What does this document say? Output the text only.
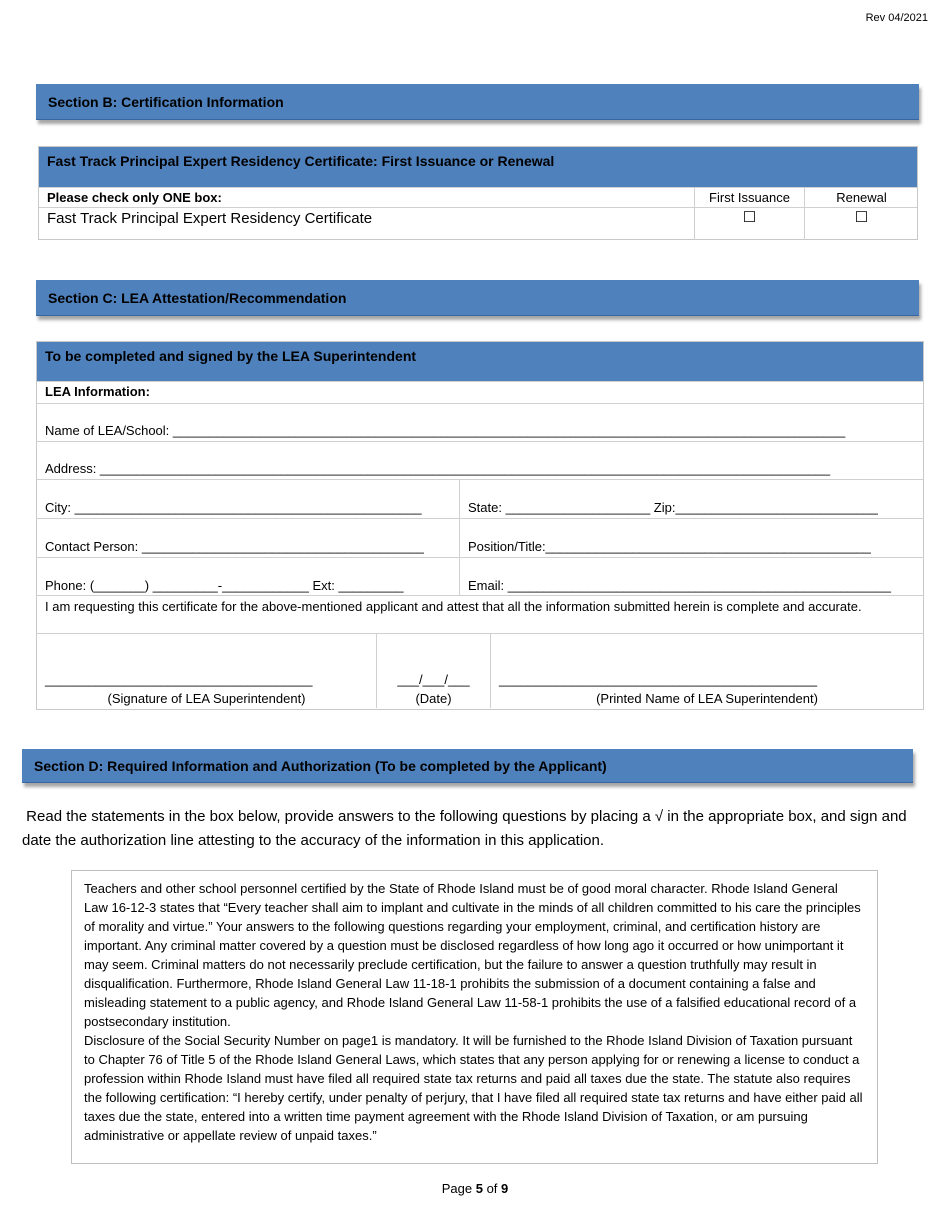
Rev 04/2021
Section B: Certification Information
Fast Track Principal Expert Residency Certificate: First Issuance or Renewal
Please check only ONE box:	First Issuance	Renewal
Fast Track Principal Expert Residency Certificate	☐	☐
Section C: LEA Attestation/Recommendation
To be completed and signed by the LEA Superintendent
LEA Information:
Name of LEA/School: _____________________________________________________________________________________________
Address: _____________________________________________________________________________________________________
City: ________________________________________________	State: ____________________ Zip:____________________________
Contact Person: _______________________________________	Position/Title:_____________________________________________
Phone: (_______) _________-____________ Ext: _________	Email: _____________________________________________________
I am requesting this certificate for the above-mentioned applicant and attest that all the information submitted herein is complete and accurate.
_____________________________________
(Signature of LEA Superintendent)
___/___/___
(Date)
____________________________________________
(Printed Name of LEA Superintendent)
Section D: Required Information and Authorization (To be completed by the Applicant)
Read the statements in the box below, provide answers to the following questions by placing a √ in the appropriate box, and sign and date the authorization line attesting to the accuracy of the information in this application.

Teachers and other school personnel certified by the State of Rhode Island must be of good moral character. Rhode Island General Law 16-12-3 states that “Every teacher shall aim to implant and cultivate in the minds of all children committed to his care the principles of morality and virtue.” Your answers to the following questions regarding your employment, criminal, and certification history are important. Any criminal matter covered by a question must be disclosed regardless of how long ago it occurred or how unimportant it may seem. Criminal matters do not necessarily preclude certification, but the failure to answer a question truthfully may result in disqualification. Furthermore, Rhode Island General Law 11-18-1 prohibits the submission of a document containing a false and misleading statement to a public agency, and Rhode Island General Law 11-58-1 prohibits the use of a falsified educational record of a postsecondary institution.

Disclosure of the Social Security Number on page1 is mandatory. It will be furnished to the Rhode Island Division of Taxation pursuant to Chapter 76 of Title 5 of the Rhode Island General Laws, which states that any person applying for or renewing a license to conduct a profession within Rhode Island must have filed all required state tax returns and paid all taxes due the state. The statute also requires the following certification: “I hereby certify, under penalty of perjury, that I have filed all required state tax returns and have either paid all taxes due the state, entered into a written time payment agreement with the Rhode Island Division of Taxation, or am pursuing administrative or appellate review of unpaid taxes.”

Page 5 of 9
